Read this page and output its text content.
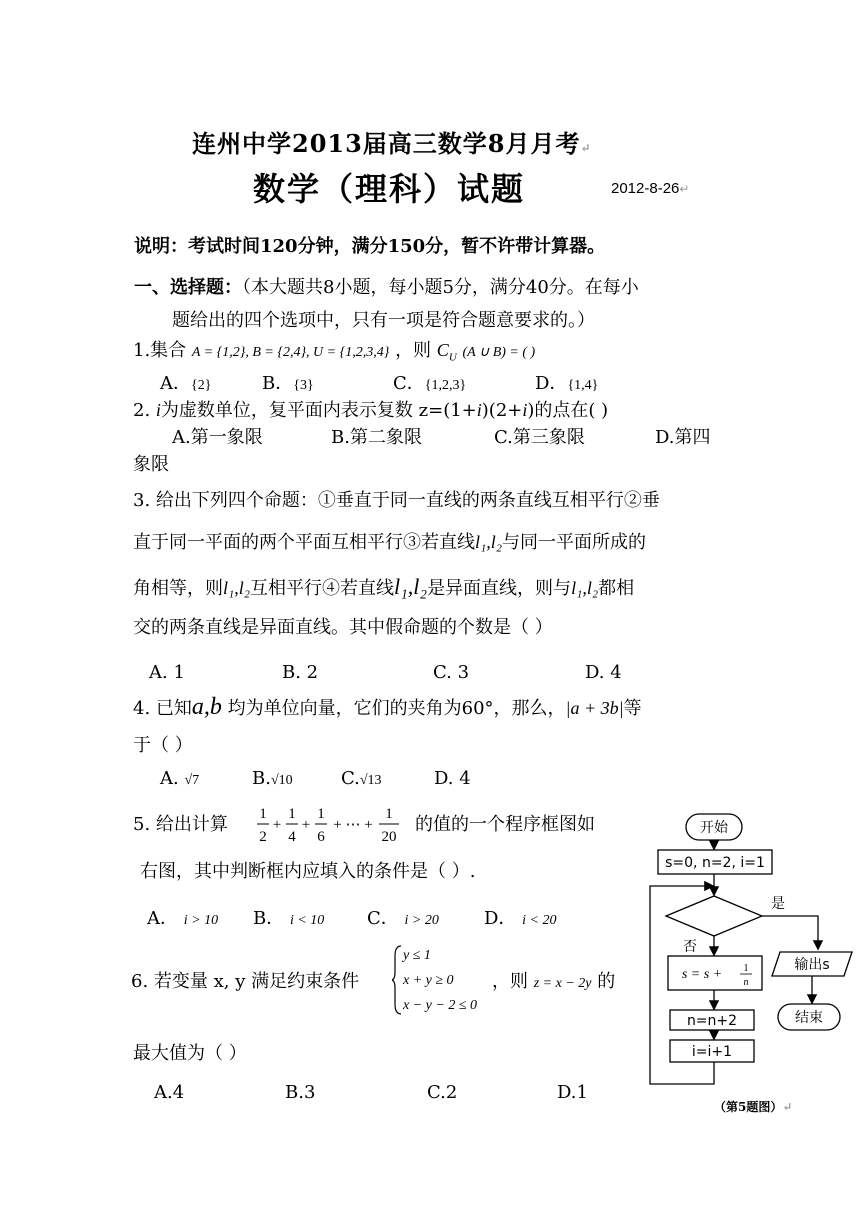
连州中学2013届高三数学8月月考↵
数学（理科）试题	2012-8-26↵
说明：考试时间120分钟，满分150分，暂不许带计算器。
一、选择题：（本大题共8小题，每小题5分，满分40分。在每小
题给出的四个选项中，只有一项是符合题意要求的。）
1.集合 A = {1,2}, B = {2,4}, U = {1,2,3,4} ，则 $C_U$ (A ∪ B) = ( )
A．{2}	B．{3}	C．{1,2,3}	D．{1,4}
2. i为虚数单位，复平面内表示复数 z=(1+i)(2+i)的点在( )
A.第一象限	B.第二象限	C.第三象限	D.第四
象限
3. 给出下列四个命题：①垂直于同一直线的两条直线互相平行②垂
直于同一平面的两个平面互相平行③若直线l₁,l₂与同一平面所成的
角相等，则l₁,l₂互相平行④若直线l₁,l₂是异面直线，则与l₁,l₂都相
交的两条直线是异面直线。其中假命题的个数是（ ）
A. 1	B. 2	C. 3	D. 4
4. 已知a,b 均为单位向量，它们的夹角为60°，那么，|a + 3b|等
于（ ）
A. √7	B.√10	C.√13	D. 4
5. 给出计算 1
2
+
1
4
+
1
6
+ ⋯ +
1
20
的值的一个程序框图如
右图，其中判断框内应填入的条件是（ ）.
A． i > 10 B． i < 10 C． i > 20	D． i < 20
6. 若变量 x, y 满足约束条件
y ≤ 1
x + y ≥ 0
x − y − 2 ≤ 0
，则 z = x − 2y 的
最大值为（ ）
A.4	B.3	C.2	D.1
开始
s=0, n=2, i=1
是
否
s = s + 1
n
输出s
结束
n=n+2
i=i+1
（第5题图）↵
